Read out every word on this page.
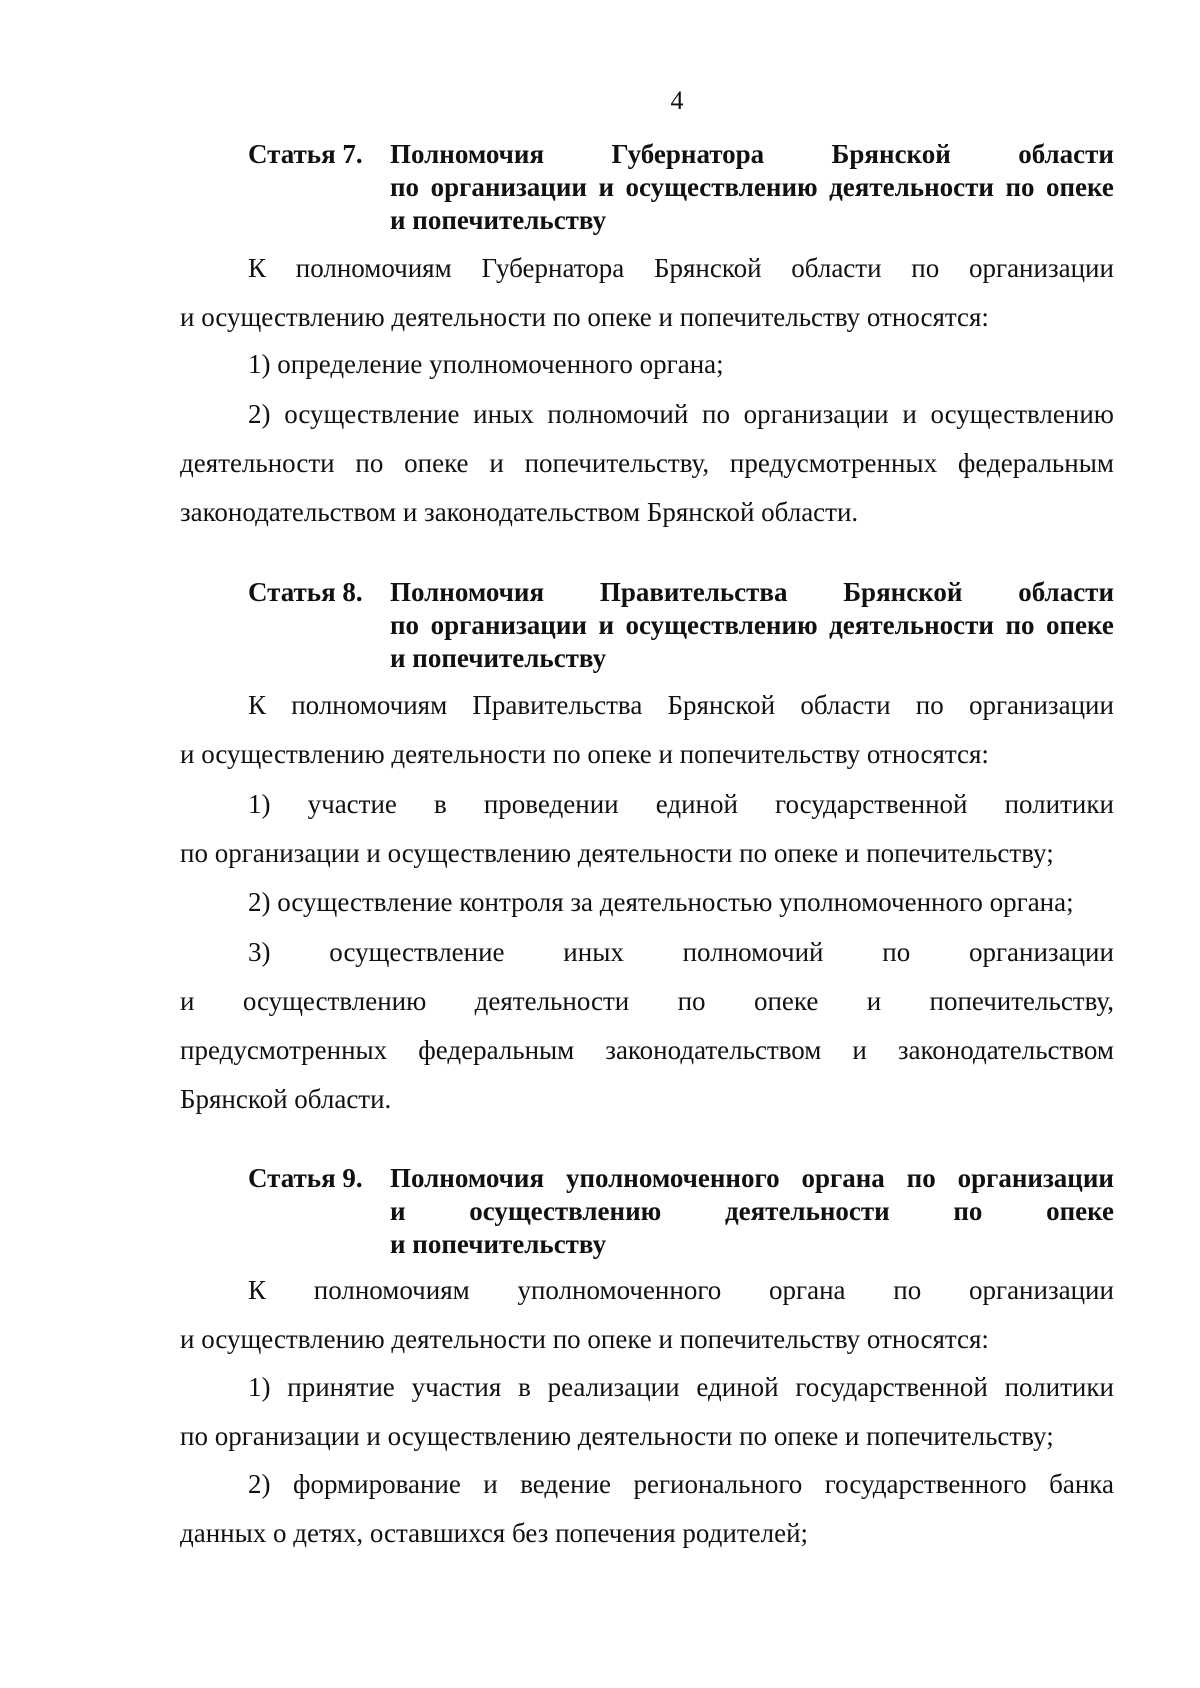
4
Статья 7. Полномочия Губернатора Брянской области
по организации и осуществлению деятельности по опеке
и попечительству
К полномочиям Губернатора Брянской области по организации
и осуществлению деятельности по опеке и попечительству относятся:
1) определение уполномоченного органа;
2) осуществление иных полномочий по организации и осуществлению
деятельности по опеке и попечительству, предусмотренных федеральным
законодательством и законодательством Брянской области.
Статья 8. Полномочия Правительства Брянской области
по организации и осуществлению деятельности по опеке
и попечительству
К полномочиям Правительства Брянской области по организации
и осуществлению деятельности по опеке и попечительству относятся:
1) участие в проведении единой государственной политики
по организации и осуществлению деятельности по опеке и попечительству;
2) осуществление контроля за деятельностью уполномоченного органа;
3) осуществление иных полномочий по организации
и осуществлению деятельности по опеке и попечительству,
предусмотренных федеральным законодательством и законодательством
Брянской области.
Статья 9. Полномочия уполномоченного органа по организации
и осуществлению деятельности по опеке
и попечительству
К полномочиям уполномоченного органа по организации
и осуществлению деятельности по опеке и попечительству относятся:
1) принятие участия в реализации единой государственной политики
по организации и осуществлению деятельности по опеке и попечительству;
2) формирование и ведение регионального государственного банка
данных о детях, оставшихся без попечения родителей;
